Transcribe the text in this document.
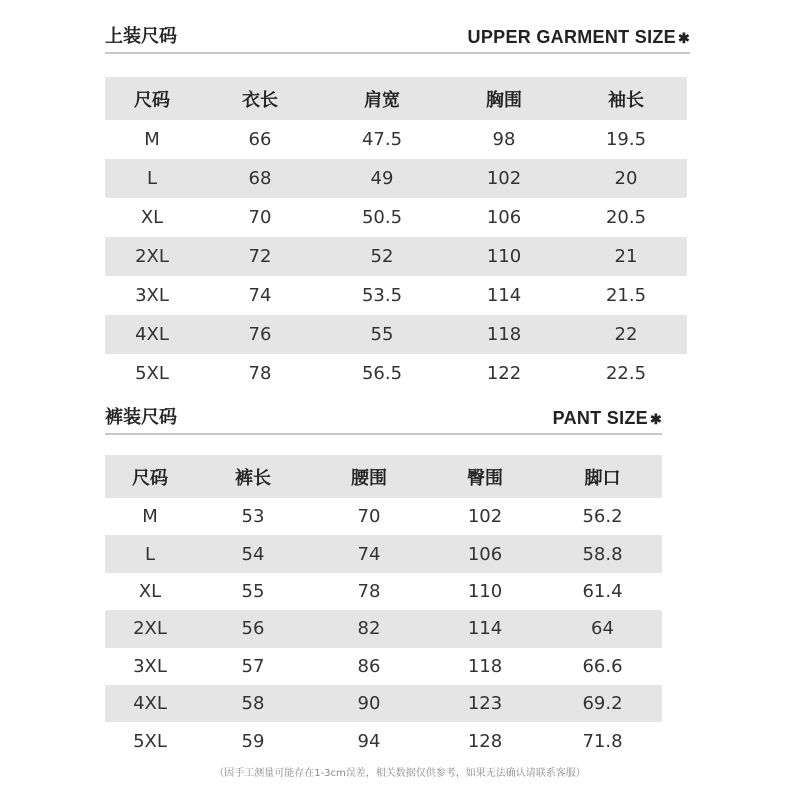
上装尺码	UPPER GARMENT SIZE ✱
尺码	衣长	肩宽	胸围	袖长
M	66	47.5	98	19.5
L	68	49	102	20
XL	70	50.5	106	20.5
2XL	72	52	110	21
3XL	74	53.5	114	21.5
4XL	76	55	118	22
5XL	78	56.5	122	22.5
裤装尺码	PANT SIZE ✱
尺码	裤长	腰围	臀围	脚口
M	53	70	102	56.2
L	54	74	106	58.8
XL	55	78	110	61.4
2XL	56	82	114	64
3XL	57	86	118	66.6
4XL	58	90	123	69.2
5XL	59	94	128	71.8
（因手工测量可能存在1-3cm误差，相关数据仅供参考，如果无法确认请联系客服）
